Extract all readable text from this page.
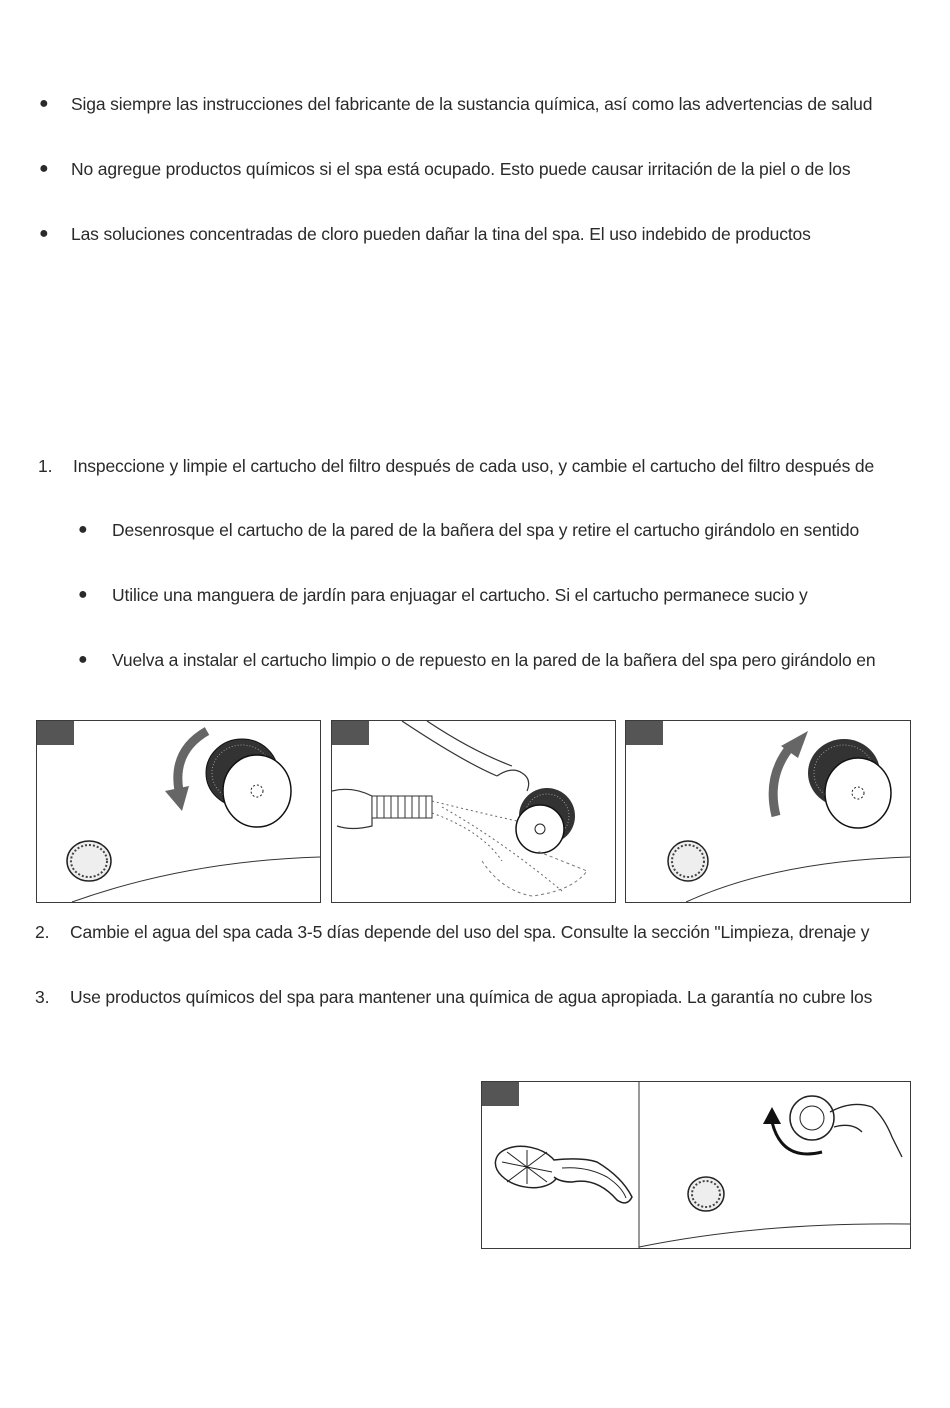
● Siga siempre las instrucciones del fabricante de la sustancia química, así como las advertencias de salud
● No agregue productos químicos si el spa está ocupado. Esto puede causar irritación de la piel o de los
● Las soluciones concentradas de cloro pueden dañar la tina del spa. El uso indebido de productos
1. Inspeccione y limpie el cartucho del filtro después de cada uso, y cambie el cartucho del filtro después de
● Desenrosque el cartucho de la pared de la bañera del spa y retire el cartucho girándolo en sentido
● Utilice una manguera de jardín para enjuagar el cartucho. Si el cartucho permanece sucio y
● Vuelva a instalar el cartucho limpio o de repuesto en la pared de la bañera del spa pero girándolo en
2. Cambie el agua del spa cada 3-5 días depende del uso del spa. Consulte la sección "Limpieza, drenaje y
3. Use productos químicos del spa para mantener una química de agua apropiada. La garantía no cubre los
